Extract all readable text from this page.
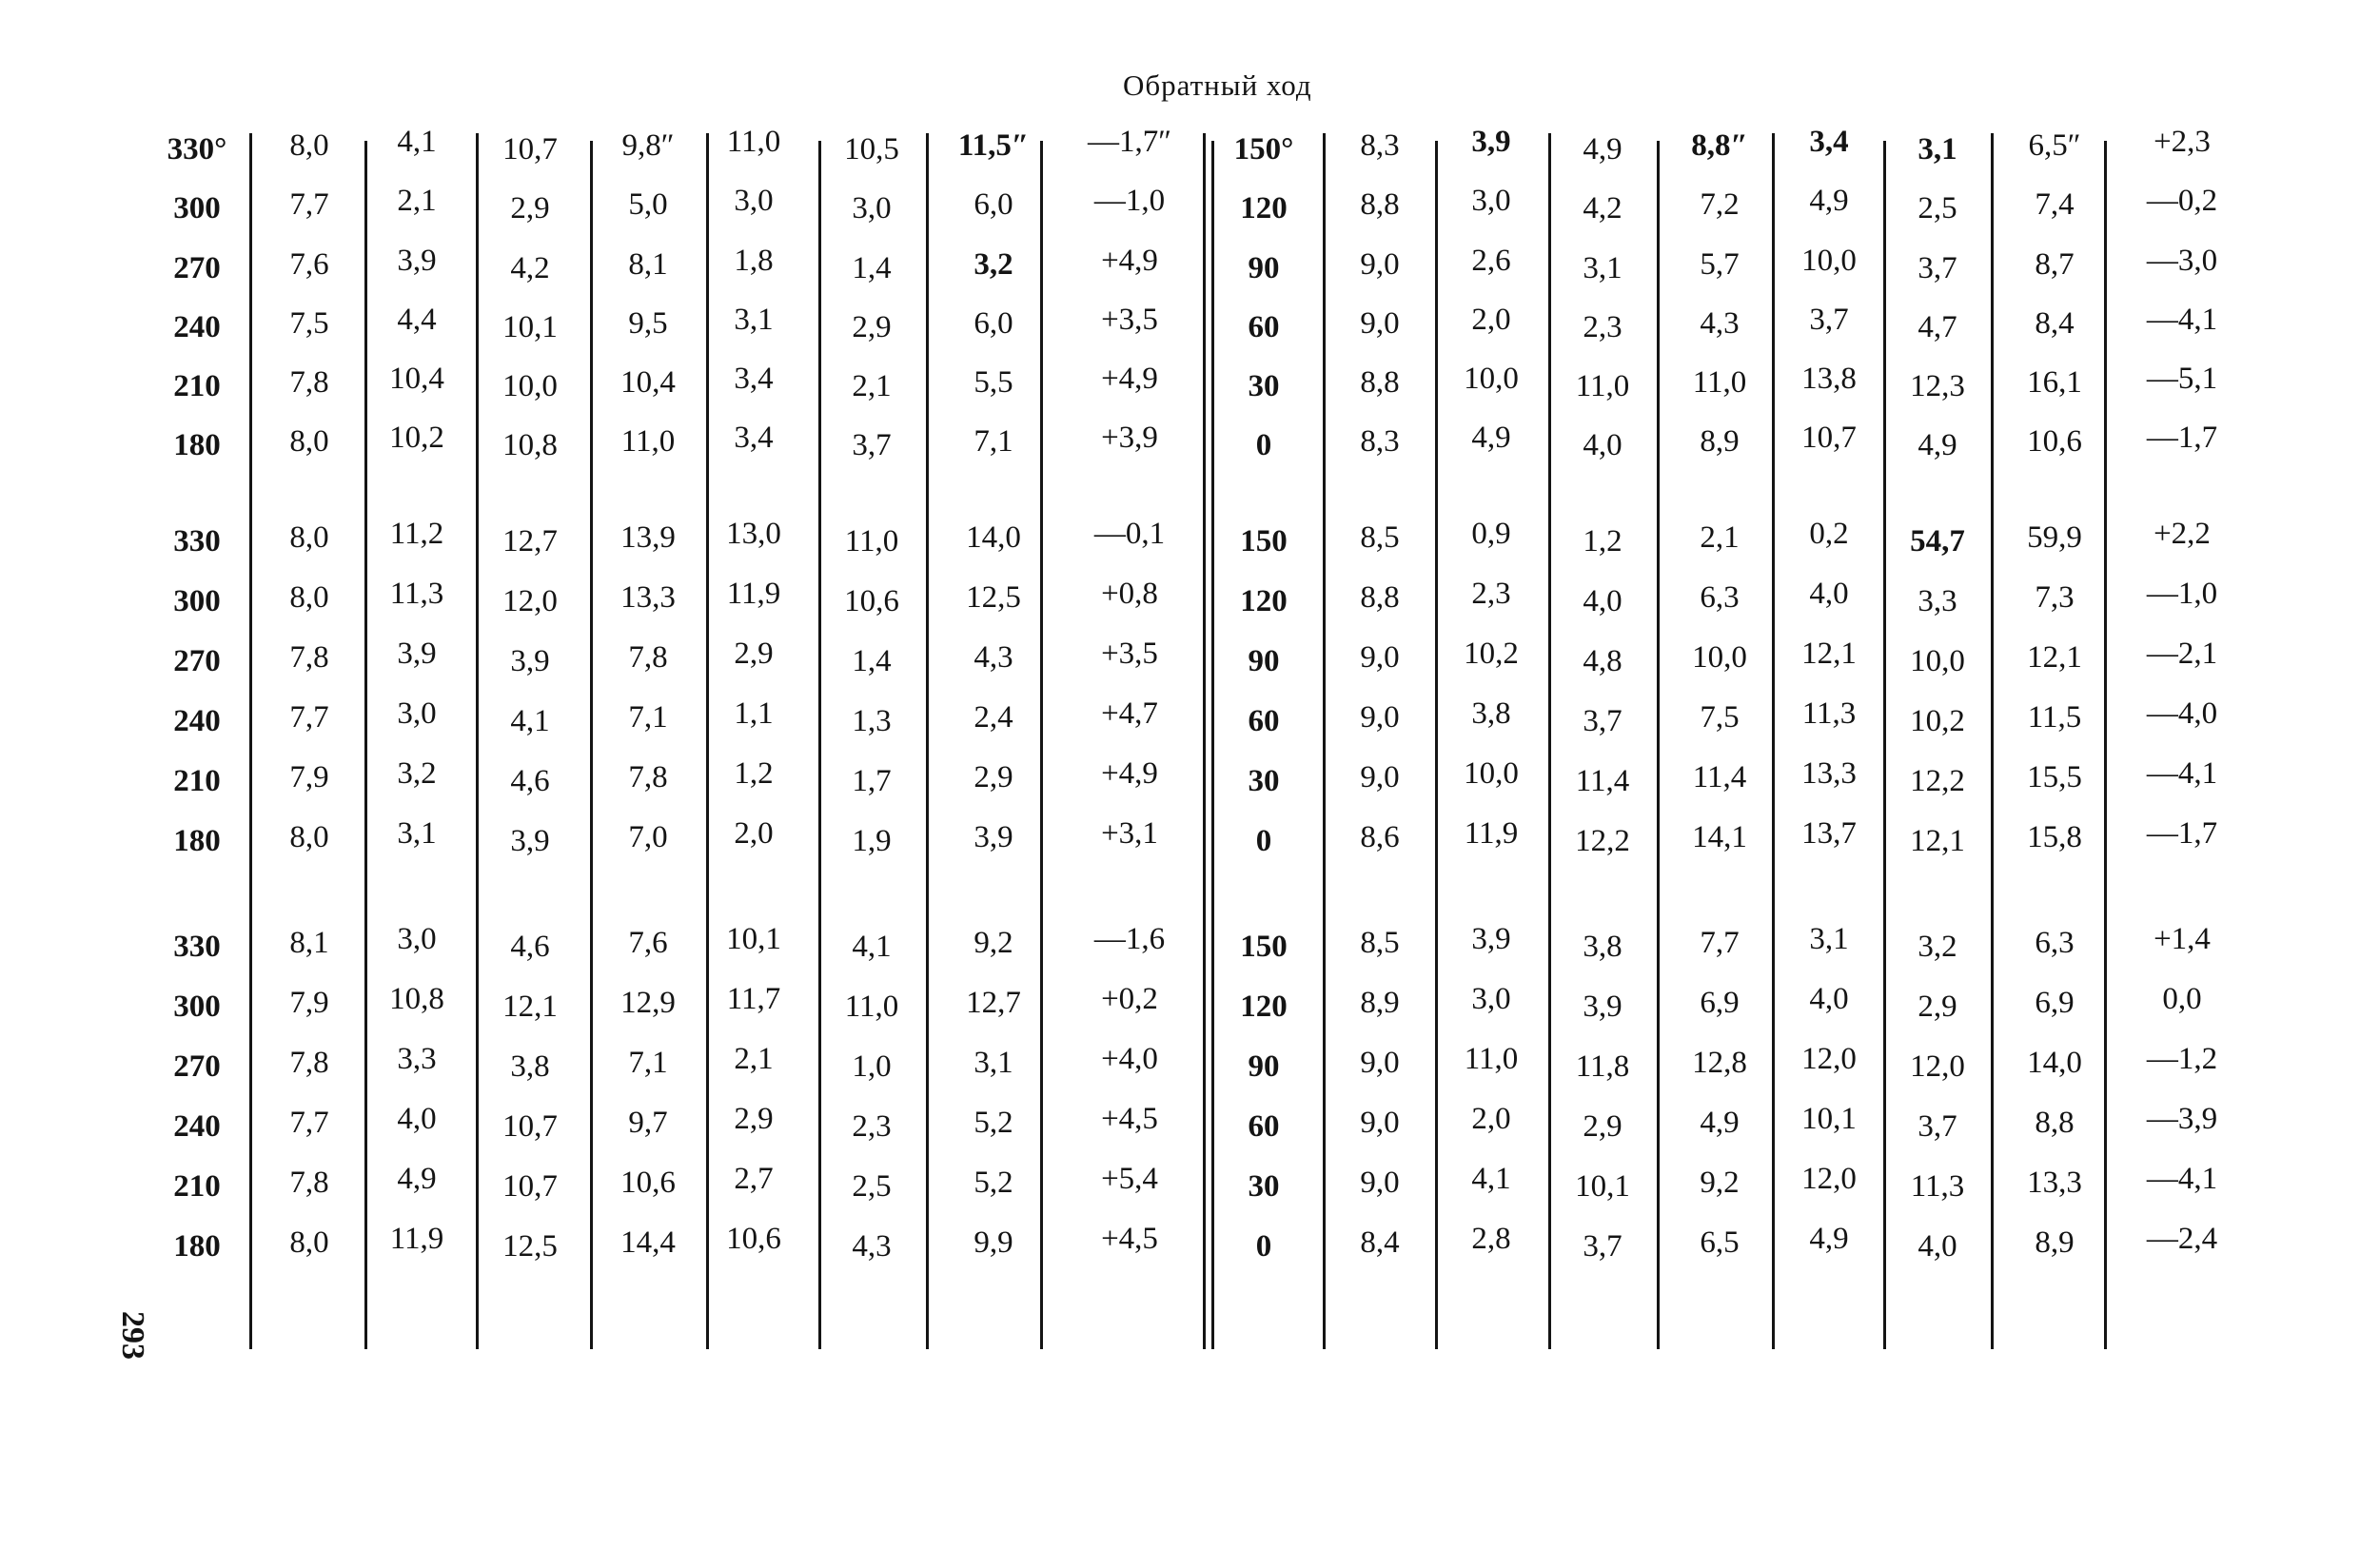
Обратный ход
330°	8,0	4,1	10,7	9,8″	11,0	10,5	11,5″	—1,7″	150°	8,3	3,9	4,9	8,8″	3,4	3,1	6,5″	+2,3
300	7,7	2,1	2,9	5,0	3,0	3,0	6,0	—1,0	120	8,8	3,0	4,2	7,2	4,9	2,5	7,4	—0,2
270	7,6	3,9	4,2	8,1	1,8	1,4	3,2	+4,9	90	9,0	2,6	3,1	5,7	10,0	3,7	8,7	—3,0
240	7,5	4,4	10,1	9,5	3,1	2,9	6,0	+3,5	60	9,0	2,0	2,3	4,3	3,7	4,7	8,4	—4,1
210	7,8	10,4	10,0	10,4	3,4	2,1	5,5	+4,9	30	8,8	10,0	11,0	11,0	13,8	12,3	16,1	—5,1
180	8,0	10,2	10,8	11,0	3,4	3,7	7,1	+3,9	0	8,3	4,9	4,0	8,9	10,7	4,9	10,6	—1,7
330	8,0	11,2	12,7	13,9	13,0	11,0	14,0	—0,1	150	8,5	0,9	1,2	2,1	0,2	54,7	59,9	+2,2
300	8,0	11,3	12,0	13,3	11,9	10,6	12,5	+0,8	120	8,8	2,3	4,0	6,3	4,0	3,3	7,3	—1,0
270	7,8	3,9	3,9	7,8	2,9	1,4	4,3	+3,5	90	9,0	10,2	4,8	10,0	12,1	10,0	12,1	—2,1
240	7,7	3,0	4,1	7,1	1,1	1,3	2,4	+4,7	60	9,0	3,8	3,7	7,5	11,3	10,2	11,5	—4,0
210	7,9	3,2	4,6	7,8	1,2	1,7	2,9	+4,9	30	9,0	10,0	11,4	11,4	13,3	12,2	15,5	—4,1
180	8,0	3,1	3,9	7,0	2,0	1,9	3,9	+3,1	0	8,6	11,9	12,2	14,1	13,7	12,1	15,8	—1,7
330	8,1	3,0	4,6	7,6	10,1	4,1	9,2	—1,6	150	8,5	3,9	3,8	7,7	3,1	3,2	6,3	+1,4
300	7,9	10,8	12,1	12,9	11,7	11,0	12,7	+0,2	120	8,9	3,0	3,9	6,9	4,0	2,9	6,9	0,0
270	7,8	3,3	3,8	7,1	2,1	1,0	3,1	+4,0	90	9,0	11,0	11,8	12,8	12,0	12,0	14,0	—1,2
240	7,7	4,0	10,7	9,7	2,9	2,3	5,2	+4,5	60	9,0	2,0	2,9	4,9	10,1	3,7	8,8	—3,9
210	7,8	4,9	10,7	10,6	2,7	2,5	5,2	+5,4	30	9,0	4,1	10,1	9,2	12,0	11,3	13,3	—4,1
180	8,0	11,9	12,5	14,4	10,6	4,3	9,9	+4,5	0	8,4	2,8	3,7	6,5	4,9	4,0	8,9	—2,4
293
